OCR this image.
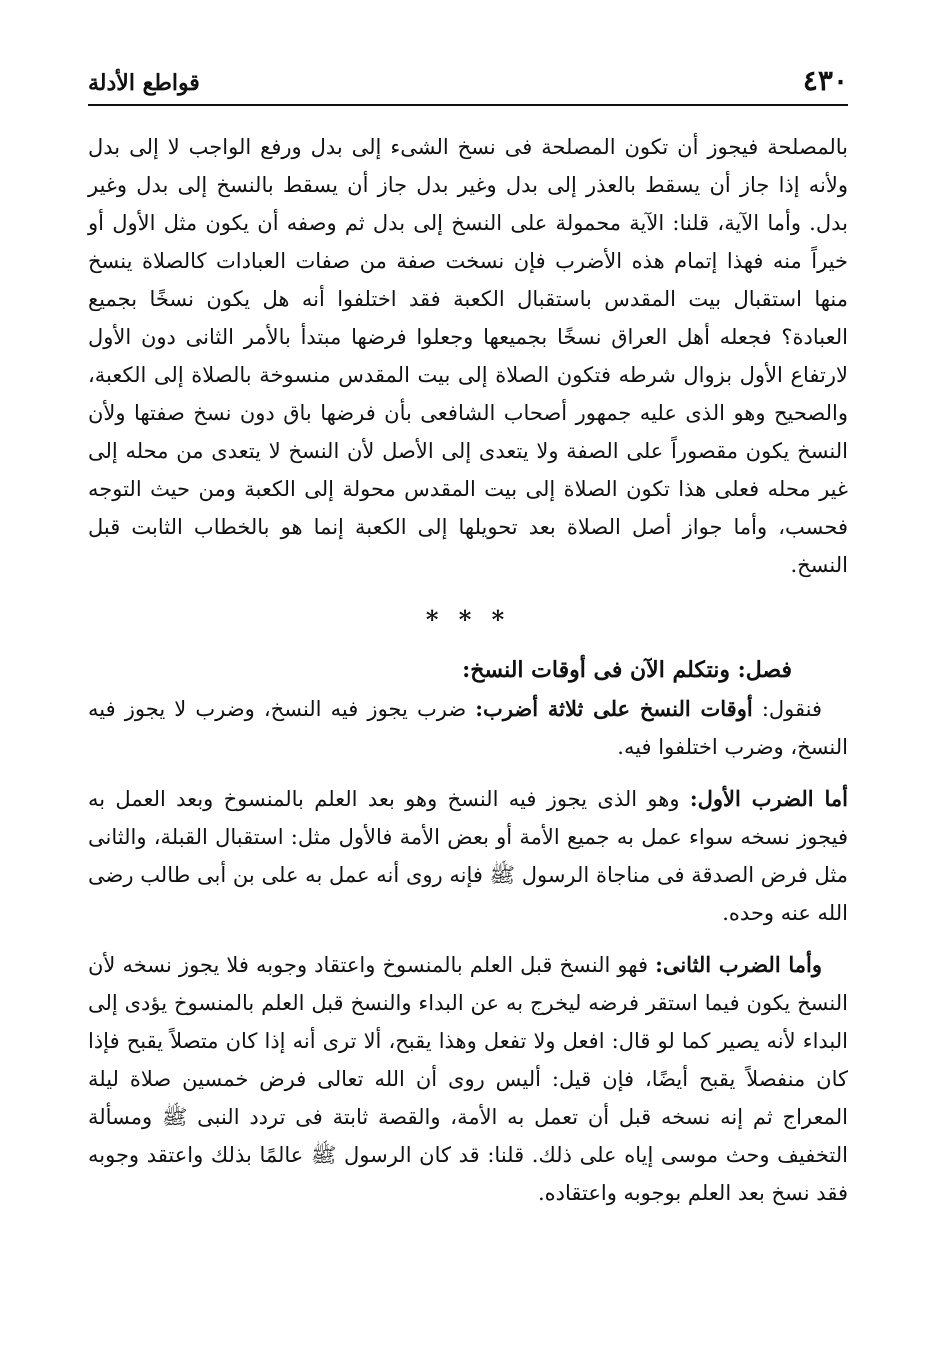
٤٣٠
قواطع الأدلة

بالمصلحة فيجوز أن تكون المصلحة فى نسخ الشىء إلى بدل ورفع الواجب لا إلى بدل ولأنه إذا جاز أن يسقط بالعذر إلى بدل وغير بدل جاز أن يسقط بالنسخ إلى بدل وغير بدل. وأما الآية، قلنا: الآية محمولة على النسخ إلى بدل ثم وصفه أن يكون مثل الأول أو خيراً منه فهذا إتمام هذه الأضرب فإن نسخت صفة من صفات العبادات كالصلاة ينسخ منها استقبال بيت المقدس باستقبال الكعبة فقد اختلفوا أنه هل يكون نسخًا بجميع العبادة؟ فجعله أهل العراق نسخًا بجميعها وجعلوا فرضها مبتدأ بالأمر الثانى دون الأول لارتفاع الأول بزوال شرطه فتكون الصلاة إلى بيت المقدس منسوخة بالصلاة إلى الكعبة، والصحيح وهو الذى عليه جمهور أصحاب الشافعى بأن فرضها باق دون نسخ صفتها ولأن النسخ يكون مقصوراً على الصفة ولا يتعدى إلى الأصل لأن النسخ لا يتعدى من محله إلى غير محله فعلى هذا تكون الصلاة إلى بيت المقدس محولة إلى الكعبة ومن حيث التوجه فحسب، وأما جواز أصل الصلاة بعد تحويلها إلى الكعبة إنما هو بالخطاب الثابت قبل النسخ.

* * *
فصل: ونتكلم الآن فى أوقات النسخ:

فنقول: أوقات النسخ على ثلاثة أضرب: ضرب يجوز فيه النسخ، وضرب لا يجوز فيه النسخ، وضرب اختلفوا فيه.

أما الضرب الأول: وهو الذى يجوز فيه النسخ وهو بعد العلم بالمنسوخ وبعد العمل به فيجوز نسخه سواء عمل به جميع الأمة أو بعض الأمة فالأول مثل: استقبال القبلة، والثانى مثل فرض الصدقة فى مناجاة الرسول ﷺ فإنه روى أنه عمل به على بن أبى طالب رضى الله عنه وحده.

وأما الضرب الثانى: فهو النسخ قبل العلم بالمنسوخ واعتقاد وجوبه فلا يجوز نسخه لأن النسخ يكون فيما استقر فرضه ليخرج به عن البداء والنسخ قبل العلم بالمنسوخ يؤدى إلى البداء لأنه يصير كما لو قال: افعل ولا تفعل وهذا يقبح، ألا ترى أنه إذا كان متصلاً يقبح فإذا كان منفصلاً يقبح أيضًا، فإن قيل: أليس روى أن الله تعالى فرض خمسين صلاة ليلة المعراج ثم إنه نسخه قبل أن تعمل به الأمة، والقصة ثابتة فى تردد النبى ﷺ ومسألة التخفيف وحث موسى إياه على ذلك. قلنا: قد كان الرسول ﷺ عالمًا بذلك واعتقد وجوبه فقد نسخ بعد العلم بوجوبه واعتقاده.
